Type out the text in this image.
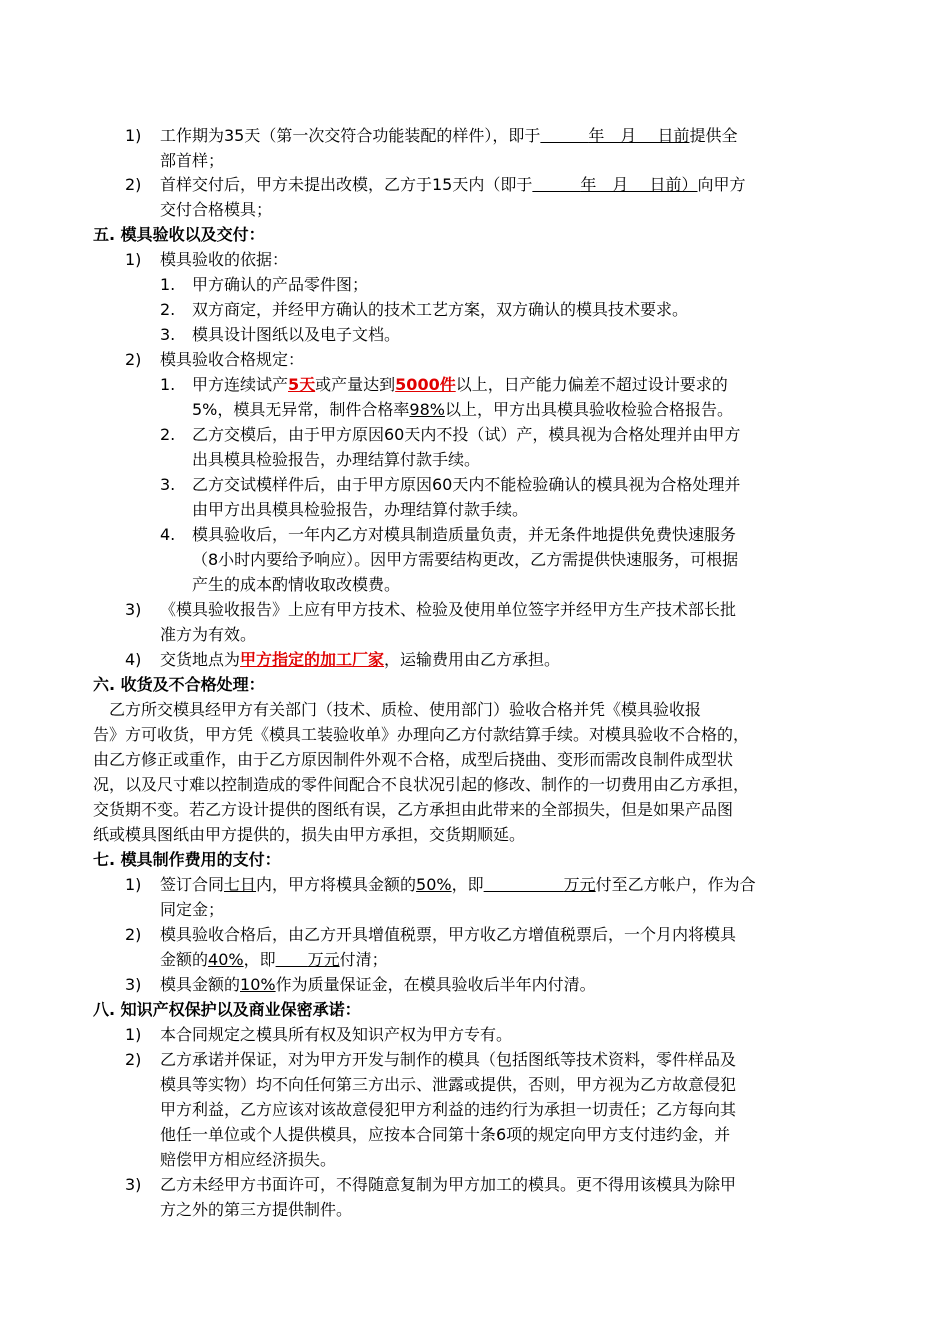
1) 工作期为35天（第一次交符合功能装配的样件），即于　　　	年　月　 日前提供全
部首样；
2) 首样交付后，甲方未提出改模，乙方于15天内（即于　　　	年　月　 日前）向甲方
交付合格模具；
五. 模具验收以及交付：
1) 模具验收的依据：
1. 甲方确认的产品零件图；
2. 双方商定，并经甲方确认的技术工艺方案，双方确认的模具技术要求。
3. 模具设计图纸以及电子文档。
2) 模具验收合格规定：
1. 甲方连续试产5天或产量达到5000件以上，日产能力偏差不超过设计要求的
5%，模具无异常，制件合格率98%以上，甲方出具模具验收检验合格报告。
2. 乙方交模后，由于甲方原因60天内不投（试）产，模具视为合格处理并由甲方
出具模具检验报告，办理结算付款手续。
3. 乙方交试模样件后，由于甲方原因60天内不能检验确认的模具视为合格处理并
由甲方出具模具检验报告，办理结算付款手续。
4. 模具验收后，一年内乙方对模具制造质量负责，并无条件地提供免费快速服务
（8小时内要给予响应）。因甲方需要结构更改，乙方需提供快速服务，可根据
产生的成本酌情收取改模费。
3) 《模具验收报告》上应有甲方技术、检验及使用单位签字并经甲方生产技术部长批
准方为有效。
4) 交货地点为甲方指定的加工厂家，运输费用由乙方承担。
六. 收货及不合格处理：
　乙方所交模具经甲方有关部门（技术、质检、使用部门）验收合格并凭《模具验收报
告》方可收货，甲方凭《模具工装验收单》办理向乙方付款结算手续。对模具验收不合格的，
由乙方修正或重作，由于乙方原因制件外观不合格，成型后挠曲、变形而需改良制件成型状
况，以及尺寸难以控制造成的零件间配合不良状况引起的修改、制作的一切费用由乙方承担，
交货期不变。若乙方设计提供的图纸有误，乙方承担由此带来的全部损失，但是如果产品图
纸或模具图纸由甲方提供的，损失由甲方承担，交货期顺延。
七. 模具制作费用的支付：
1) 签订合同七日内，甲方将模具金额的50%，即　　　　　	万元付至乙方帐户，作为合
同定金；
2) 模具验收合格后，由乙方开具增值税票，甲方收乙方增值税票后，一个月内将模具
金额的40%，即　　 万元付清；
3) 模具金额的10%作为质量保证金，在模具验收后半年内付清。
八. 知识产权保护以及商业保密承诺：
1) 本合同规定之模具所有权及知识产权为甲方专有。
2) 乙方承诺并保证，对为甲方开发与制作的模具（包括图纸等技术资料，零件样品及
模具等实物）均不向任何第三方出示、泄露或提供，否则，甲方视为乙方故意侵犯
甲方利益，乙方应该对该故意侵犯甲方利益的违约行为承担一切责任；乙方每向其
他任一单位或个人提供模具，应按本合同第十条6项的规定向甲方支付违约金，并
赔偿甲方相应经济损失。
3) 乙方未经甲方书面许可，不得随意复制为甲方加工的模具。更不得用该模具为除甲
方之外的第三方提供制件。
